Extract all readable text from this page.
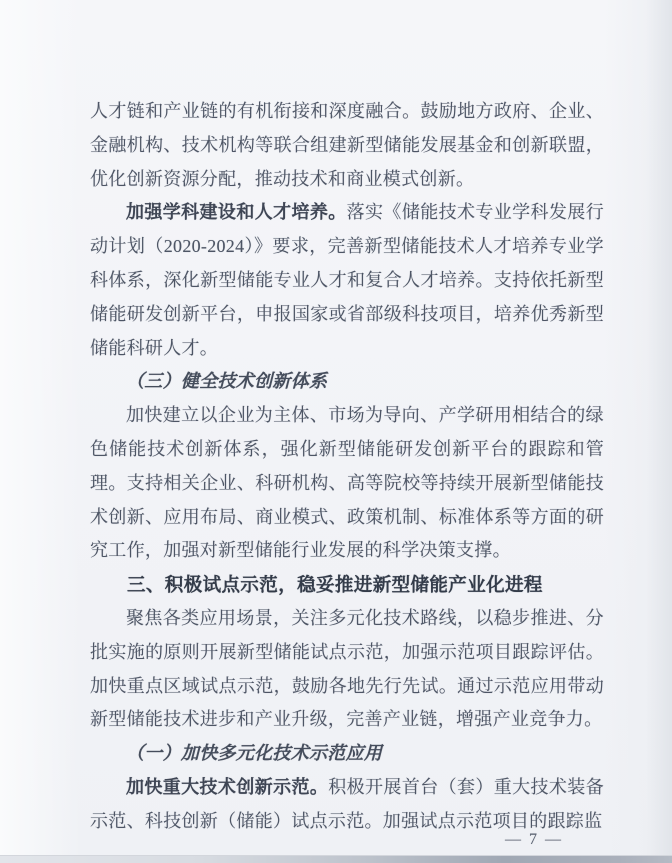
人才链和产业链的有机衔接和深度融合。鼓励地方政府、企业、金融机构、技术机构等联合组建新型储能发展基金和创新联盟，优化创新资源分配，推动技术和商业模式创新。

加强学科建设和人才培养。落实《储能技术专业学科发展行动计划（2020-2024）》要求，完善新型储能技术人才培养专业学科体系，深化新型储能专业人才和复合人才培养。支持依托新型储能研发创新平台，申报国家或省部级科技项目，培养优秀新型储能科研人才。

（三）健全技术创新体系

加快建立以企业为主体、市场为导向、产学研用相结合的绿色储能技术创新体系，强化新型储能研发创新平台的跟踪和管理。支持相关企业、科研机构、高等院校等持续开展新型储能技术创新、应用布局、商业模式、政策机制、标准体系等方面的研究工作，加强对新型储能行业发展的科学决策支撑。

三、积极试点示范，稳妥推进新型储能产业化进程

聚焦各类应用场景，关注多元化技术路线，以稳步推进、分批实施的原则开展新型储能试点示范，加强示范项目跟踪评估。加快重点区域试点示范，鼓励各地先行先试。通过示范应用带动新型储能技术进步和产业升级，完善产业链，增强产业竞争力。

（一）加快多元化技术示范应用

加快重大技术创新示范。积极开展首台（套）重大技术装备示范、科技创新（储能）试点示范。加强试点示范项目的跟踪监

— 7 —
